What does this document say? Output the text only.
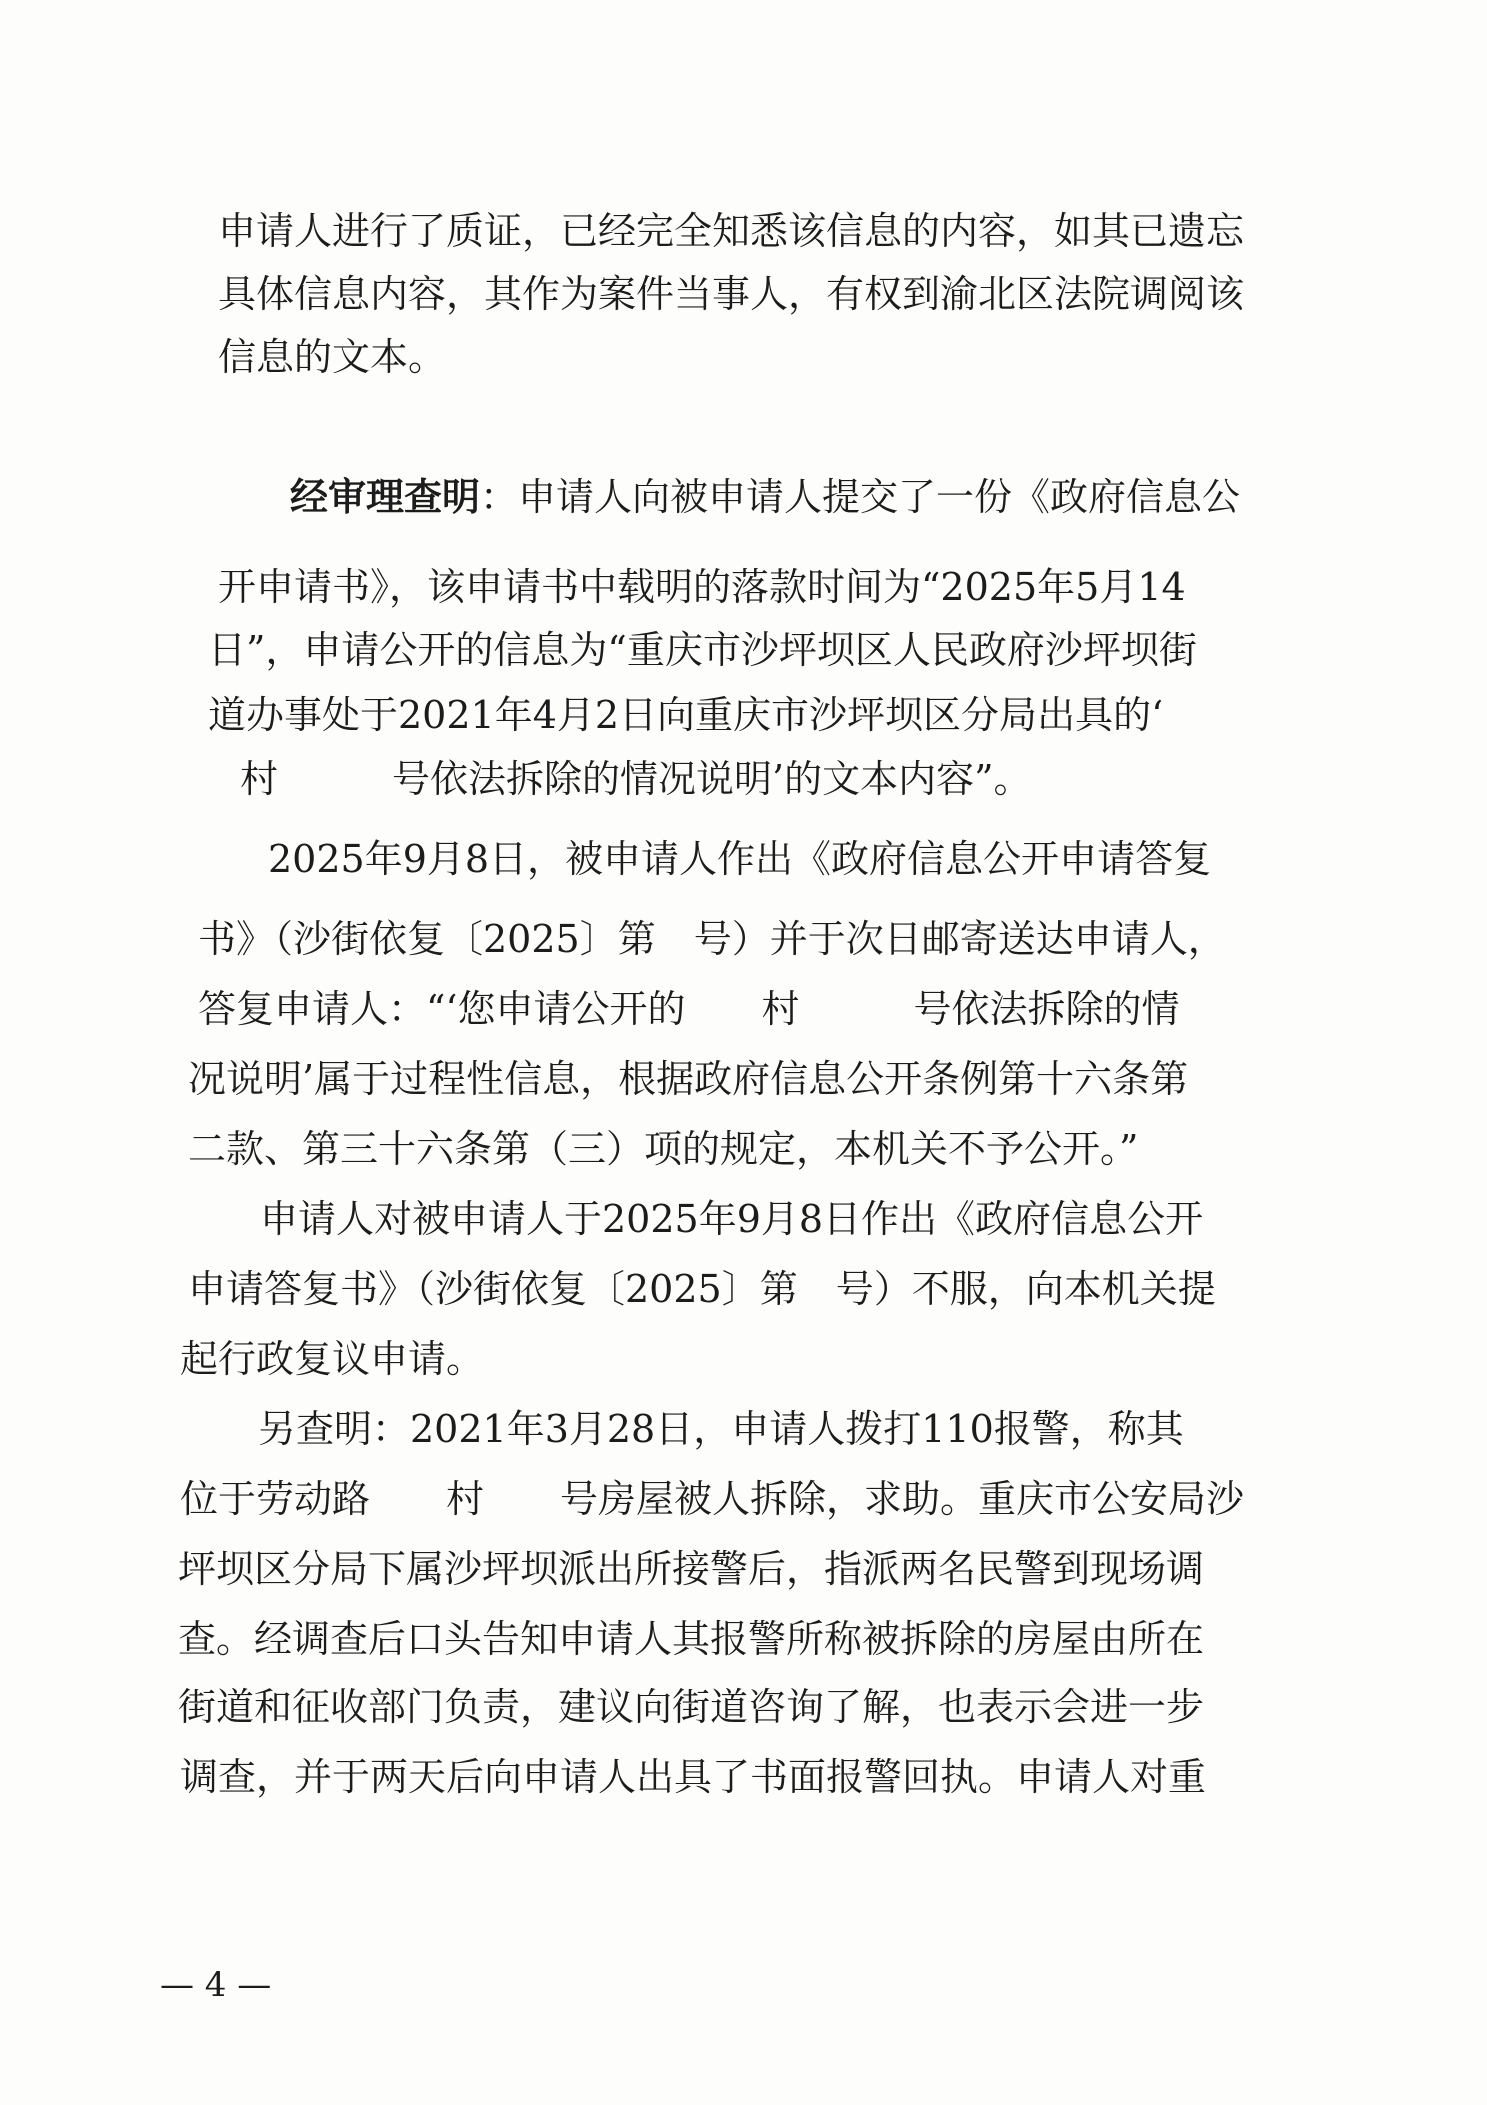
申请人进行了质证，已经完全知悉该信息的内容，如其已遗忘
具体信息内容，其作为案件当事人，有权到渝北区法院调阅该
信息的文本。
经审理查明：申请人向被申请人提交了一份《政府信息公
开申请书》，该申请书中载明的落款时间为“2025年5月14
日”，申请公开的信息为“重庆市沙坪坝区人民政府沙坪坝街
道办事处于2021年4月2日向重庆市沙坪坝区分局出具的‘
村　　　号依法拆除的情况说明’的文本内容”。
2025年9月8日，被申请人作出《政府信息公开申请答复
书》（沙街依复〔2025〕第　号）并于次日邮寄送达申请人，
答复申请人：“‘您申请公开的　　村　　　号依法拆除的情
况说明’属于过程性信息，根据政府信息公开条例第十六条第
二款、第三十六条第（三）项的规定，本机关不予公开。”
申请人对被申请人于2025年9月8日作出《政府信息公开
申请答复书》（沙街依复〔2025〕第　号）不服，向本机关提
起行政复议申请。
另查明：2021年3月28日，申请人拨打110报警，称其
位于劳动路　　村　　号房屋被人拆除，求助。重庆市公安局沙
坪坝区分局下属沙坪坝派出所接警后，指派两名民警到现场调
查。经调查后口头告知申请人其报警所称被拆除的房屋由所在
街道和征收部门负责，建议向街道咨询了解，也表示会进一步
调查，并于两天后向申请人出具了书面报警回执。申请人对重
— 4 —
